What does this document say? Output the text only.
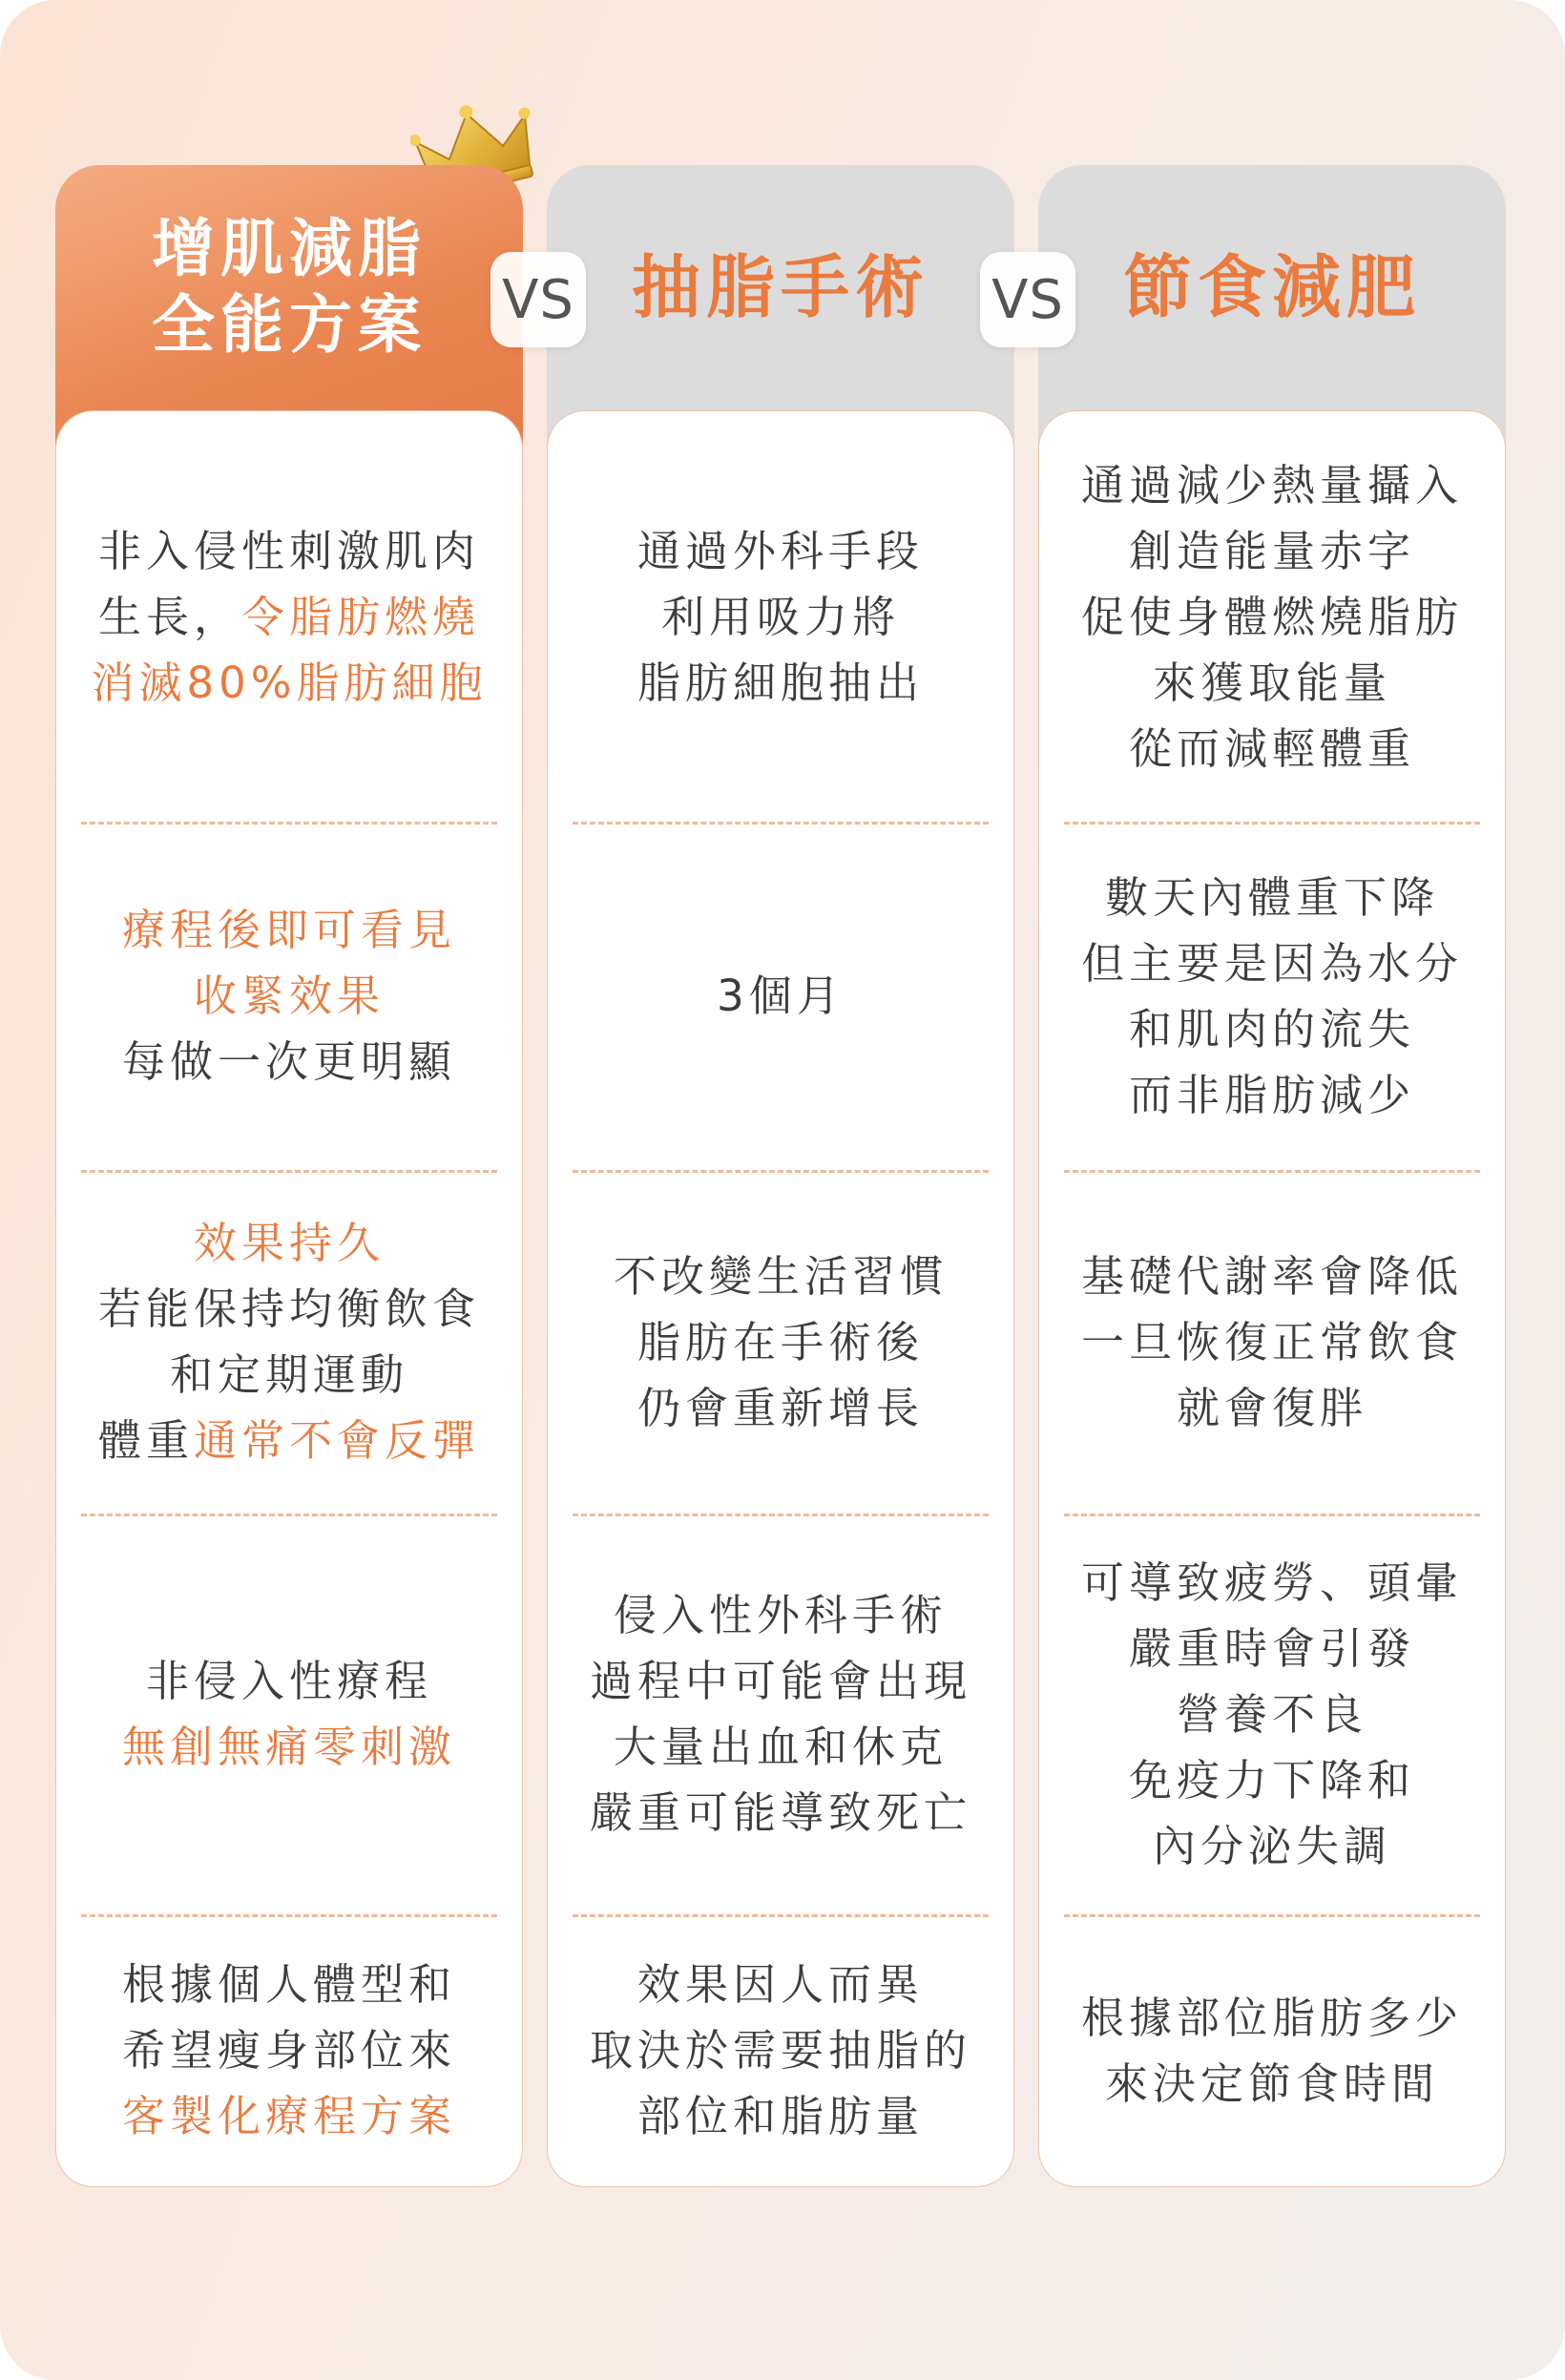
增肌減脂
全能方案
非入侵性刺激肌肉
生長，令脂肪燃燒
消滅80%脂肪細胞
療程後即可看見
收緊效果
每做一次更明顯
效果持久
若能保持均衡飲食
和定期運動
體重通常不會反彈
非侵入性療程
無創無痛零刺激
根據個人體型和
希望瘦身部位來
客製化療程方案
抽脂手術
通過外科手段
利用吸力將
脂肪細胞抽出
3個月
不改變生活習慣
脂肪在手術後
仍會重新增長
侵入性外科手術
過程中可能會出現
大量出血和休克
嚴重可能導致死亡
效果因人而異
取決於需要抽脂的
部位和脂肪量
節食減肥
通過減少熱量攝入
創造能量赤字
促使身體燃燒脂肪
來獲取能量
從而減輕體重
數天內體重下降
但主要是因為水分
和肌肉的流失
而非脂肪減少
基礎代謝率會降低
一旦恢復正常飲食
就會復胖
可導致疲勞、頭暈
嚴重時會引發
營養不良
免疫力下降和
內分泌失調
根據部位脂肪多少
來決定節食時間
VS	VS
